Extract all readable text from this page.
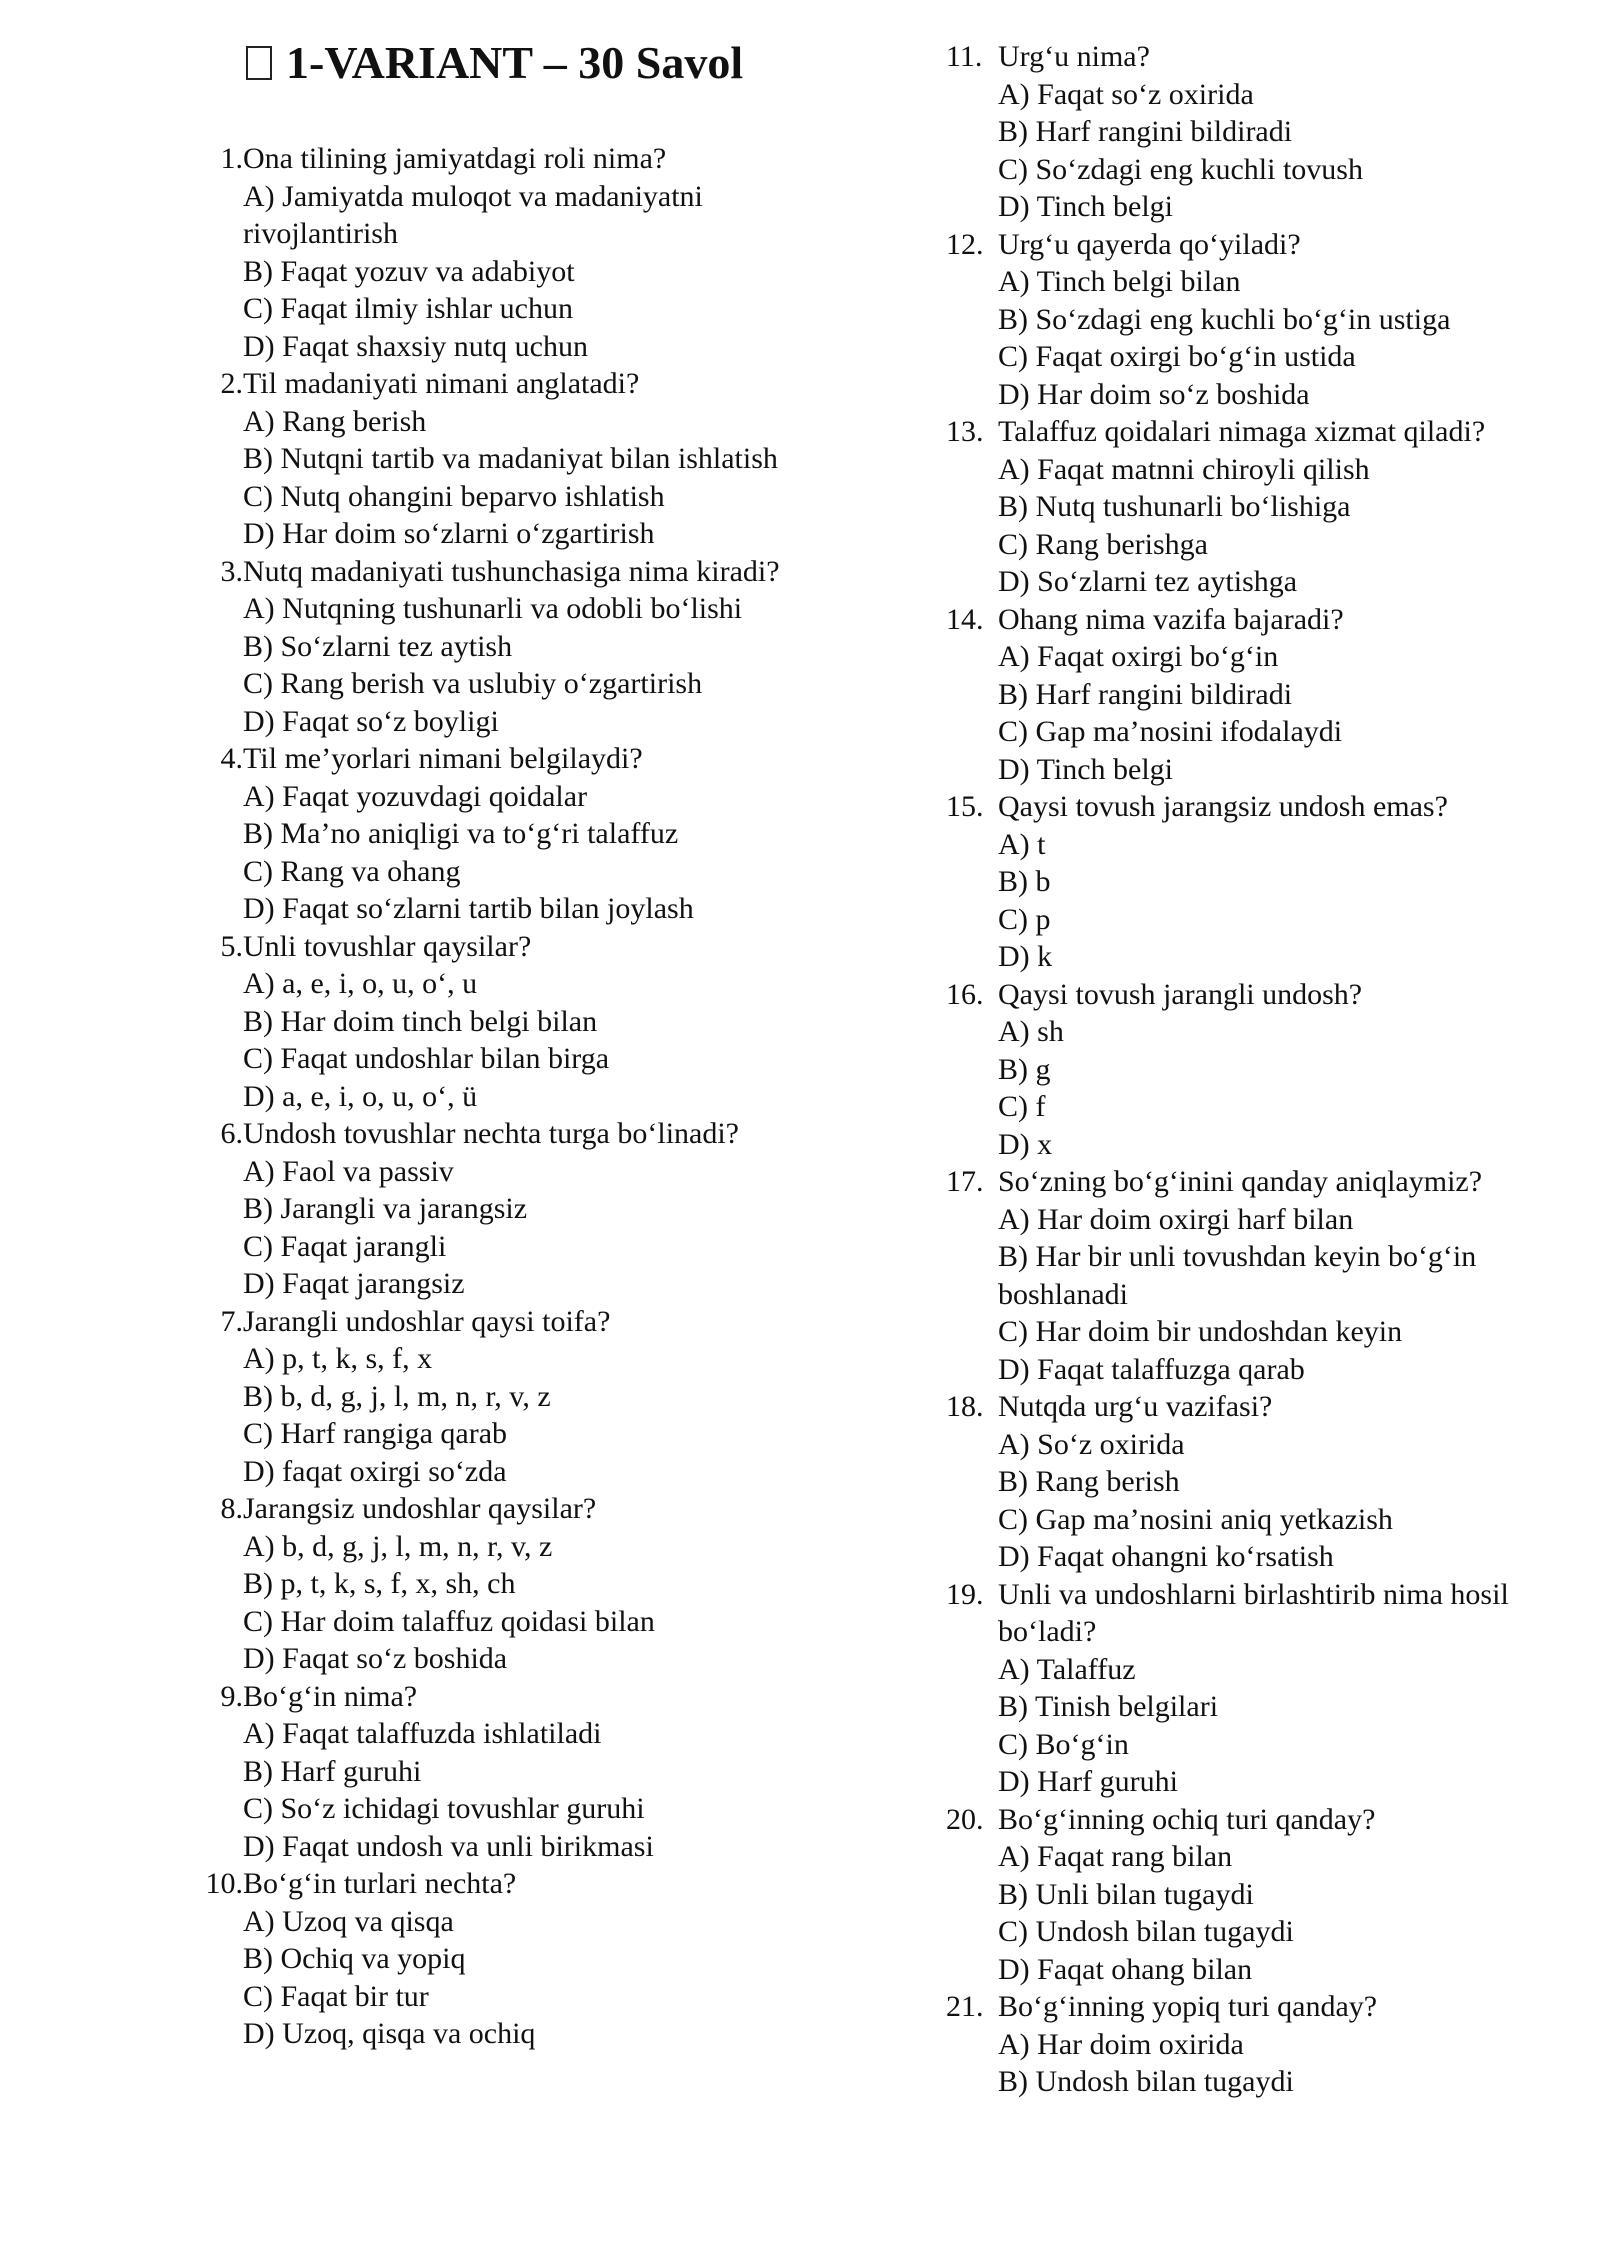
1-VARIANT – 30 Savol
1. Ona tilining jamiyatdagi roli nima?
A) Jamiyatda muloqot va madaniyatni rivojlantirish
B) Faqat yozuv va adabiyot
C) Faqat ilmiy ishlar uchun
D) Faqat shaxsiy nutq uchun
2. Til madaniyati nimani anglatadi?
A) Rang berish
B) Nutqni tartib va madaniyat bilan ishlatish
C) Nutq ohangini beparvo ishlatish
D) Har doim so‘zlarni o‘zgartirish
3. Nutq madaniyati tushunchasiga nima kiradi?
A) Nutqning tushunarli va odobli bo‘lishi
B) So‘zlarni tez aytish
C) Rang berish va uslubiy o‘zgartirish
D) Faqat so‘z boyligi
4. Til me’yorlari nimani belgilaydi?
A) Faqat yozuvdagi qoidalar
B) Ma’no aniqligi va to‘g‘ri talaffuz
C) Rang va ohang
D) Faqat so‘zlarni tartib bilan joylash
5. Unli tovushlar qaysilar?
A) a, e, i, o, u, o‘, u
B) Har doim tinch belgi bilan
C) Faqat undoshlar bilan birga
D) a, e, i, o, u, o‘, ü
6. Undosh tovushlar nechta turga bo‘linadi?
A) Faol va passiv
B) Jarangli va jarangsiz
C) Faqat jarangli
D) Faqat jarangsiz
7. Jarangli undoshlar qaysi toifa?
A) p, t, k, s, f, x
B) b, d, g, j, l, m, n, r, v, z
C) Harf rangiga qarab
D) faqat oxirgi so‘zda
8. Jarangsiz undoshlar qaysilar?
A) b, d, g, j, l, m, n, r, v, z
B) p, t, k, s, f, x, sh, ch
C) Har doim talaffuz qoidasi bilan
D) Faqat so‘z boshida
9. Bo‘g‘in nima?
A) Faqat talaffuzda ishlatiladi
B) Harf guruhi
C) So‘z ichidagi tovushlar guruhi
D) Faqat undosh va unli birikmasi
10. Bo‘g‘in turlari nechta?
A) Uzoq va qisqa
B) Ochiq va yopiq
C) Faqat bir tur
D) Uzoq, qisqa va ochiq
11. Urg‘u nima?
A) Faqat so‘z oxirida
B) Harf rangini bildiradi
C) So‘zdagi eng kuchli tovush
D) Tinch belgi
12. Urg‘u qayerda qo‘yiladi?
A) Tinch belgi bilan
B) So‘zdagi eng kuchli bo‘g‘in ustiga
C) Faqat oxirgi bo‘g‘in ustida
D) Har doim so‘z boshida
13. Talaffuz qoidalari nimaga xizmat qiladi?
A) Faqat matnni chiroyli qilish
B) Nutq tushunarli bo‘lishiga
C) Rang berishga
D) So‘zlarni tez aytishga
14. Ohang nima vazifa bajaradi?
A) Faqat oxirgi bo‘g‘in
B) Harf rangini bildiradi
C) Gap ma’nosini ifodalaydi
D) Tinch belgi
15. Qaysi tovush jarangsiz undosh emas?
A) t
B) b
C) p
D) k
16. Qaysi tovush jarangli undosh?
A) sh
B) g
C) f
D) x
17. So‘zning bo‘g‘inini qanday aniqlaymiz?
A) Har doim oxirgi harf bilan
B) Har bir unli tovushdan keyin bo‘g‘in boshlanadi
C) Har doim bir undoshdan keyin
D) Faqat talaffuzga qarab
18. Nutqda urg‘u vazifasi?
A) So‘z oxirida
B) Rang berish
C) Gap ma’nosini aniq yetkazish
D) Faqat ohangni ko‘rsatish
19. Unli va undoshlarni birlashtirib nima hosil bo‘ladi?
A) Talaffuz
B) Tinish belgilari
C) Bo‘g‘in
D) Harf guruhi
20. Bo‘g‘inning ochiq turi qanday?
A) Faqat rang bilan
B) Unli bilan tugaydi
C) Undosh bilan tugaydi
D) Faqat ohang bilan
21. Bo‘g‘inning yopiq turi qanday?
A) Har doim oxirida
B) Undosh bilan tugaydi
